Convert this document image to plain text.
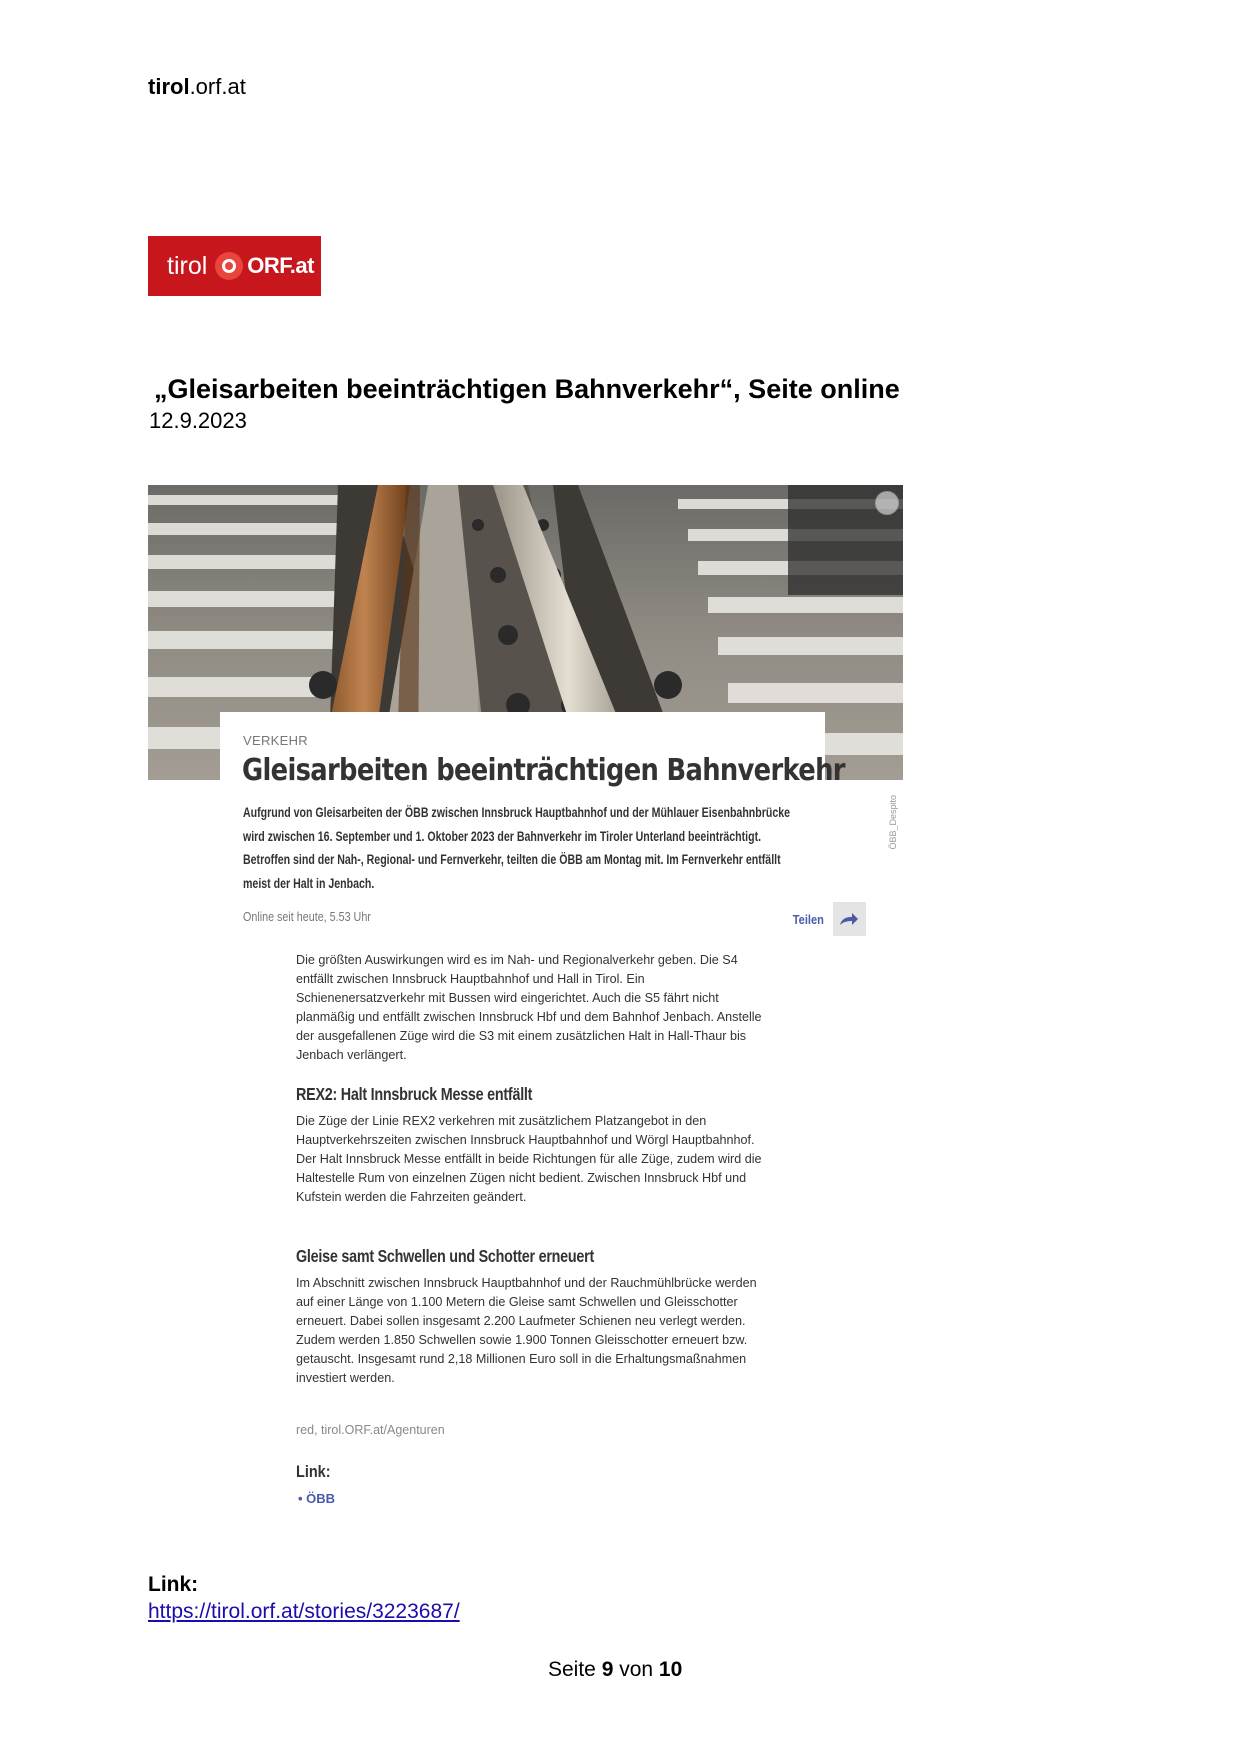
tirol.orf.at
tirol ORF.at
„Gleisarbeiten beeinträchtigen Bahnverkehr“, Seite online
12.9.2023
ÖBB_Despito
VERKEHR
Gleisarbeiten beeinträchtigen Bahnverkehr
Aufgrund von Gleisarbeiten der ÖBB zwischen Innsbruck Hauptbahnhof und der Mühlauer Eisenbahnbrücke wird zwischen 16. September und 1. Oktober 2023 der Bahnverkehr im Tiroler Unterland beeinträchtigt. Betroffen sind der Nah-, Regional- und Fernverkehr, teilten die ÖBB am Montag mit. Im Fernverkehr entfällt meist der Halt in Jenbach.
Online seit heute, 5.53 Uhr	Teilen
Die größten Auswirkungen wird es im Nah- und Regionalverkehr geben. Die S4 entfällt zwischen Innsbruck Hauptbahnhof und Hall in Tirol. Ein Schienenersatzverkehr mit Bussen wird eingerichtet. Auch die S5 fährt nicht planmäßig und entfällt zwischen Innsbruck Hbf und dem Bahnhof Jenbach. Anstelle der ausgefallenen Züge wird die S3 mit einem zusätzlichen Halt in Hall-Thaur bis Jenbach verlängert.
REX2: Halt Innsbruck Messe entfällt
Die Züge der Linie REX2 verkehren mit zusätzlichem Platzangebot in den Hauptverkehrszeiten zwischen Innsbruck Hauptbahnhof und Wörgl Hauptbahnhof. Der Halt Innsbruck Messe entfällt in beide Richtungen für alle Züge, zudem wird die Haltestelle Rum von einzelnen Zügen nicht bedient. Zwischen Innsbruck Hbf und Kufstein werden die Fahrzeiten geändert.
Gleise samt Schwellen und Schotter erneuert
Im Abschnitt zwischen Innsbruck Hauptbahnhof und der Rauchmühlbrücke werden auf einer Länge von 1.100 Metern die Gleise samt Schwellen und Gleisschotter erneuert. Dabei sollen insgesamt 2.200 Laufmeter Schienen neu verlegt werden. Zudem werden 1.850 Schwellen sowie 1.900 Tonnen Gleisschotter erneuert bzw. getauscht. Insgesamt rund 2,18 Millionen Euro soll in die Erhaltungsmaßnahmen investiert werden.
red, tirol.ORF.at/Agenturen
Link:
• ÖBB
Link:
https://tirol.orf.at/stories/3223687/
Seite 9 von 10
